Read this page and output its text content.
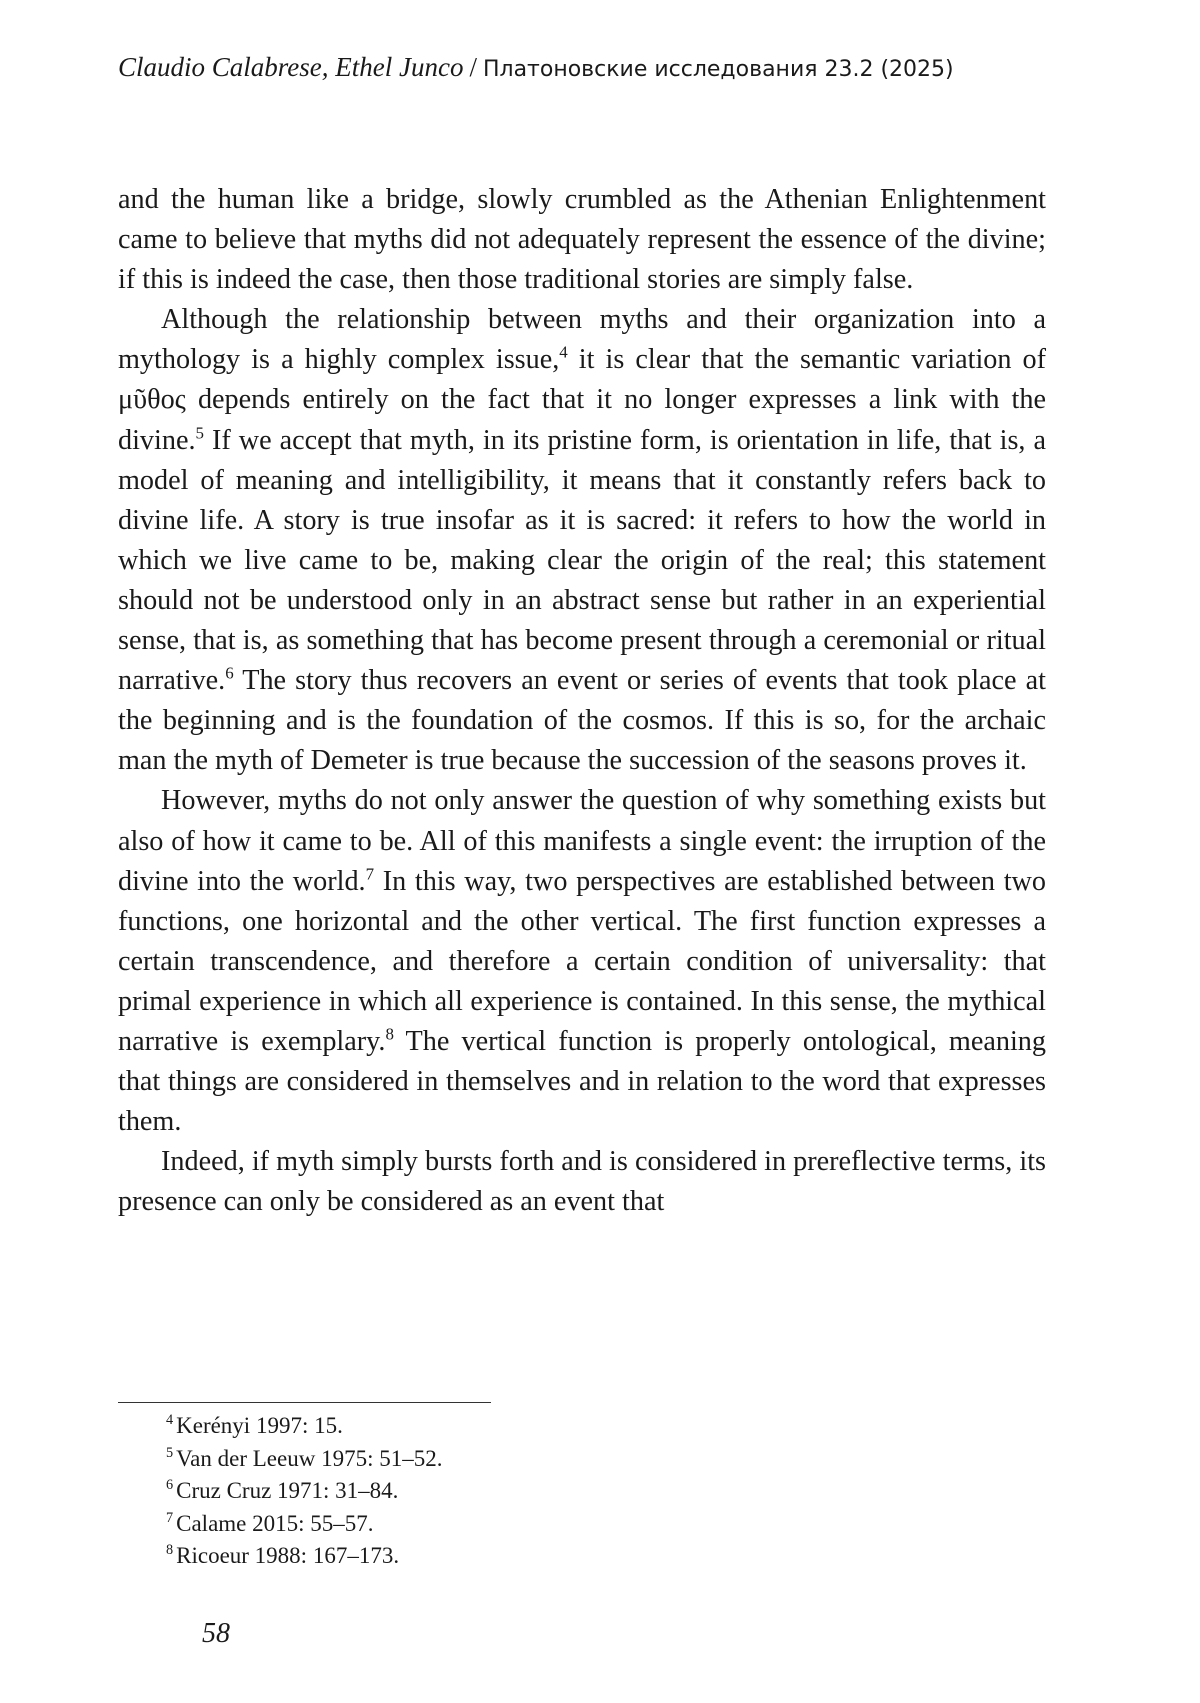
Claudio Calabrese, Ethel Junco / Платоновские исследования 23.2 (2025)

and the human like a bridge, slowly crumbled as the Athenian Enlightenment came to believe that myths did not adequately represent the essence of the divine; if this is indeed the case, then those traditional stories are simply false.

Although the relationship between myths and their organization into a mythology is a highly complex issue,$^4$ it is clear that the semantic variation of μῦθος depends entirely on the fact that it no longer expresses a link with the divine.$^5$ If we accept that myth, in its pristine form, is orientation in life, that is, a model of meaning and intelligibility, it means that it constantly refers back to divine life. A story is true insofar as it is sacred: it refers to how the world in which we live came to be, making clear the origin of the real; this statement should not be understood only in an abstract sense but rather in an experiential sense, that is, as something that has become present through a ceremonial or ritual narrative.$^6$ The story thus recovers an event or series of events that took place at the beginning and is the foundation of the cosmos. If this is so, for the archaic man the myth of Demeter is true because the succession of the seasons proves it.

However, myths do not only answer the question of why something exists but also of how it came to be. All of this manifests a single event: the irruption of the divine into the world.$^7$ In this way, two perspectives are established between two functions, one horizontal and the other vertical. The first function expresses a certain transcendence, and therefore a certain condition of universality: that primal experience in which all experience is contained. In this sense, the mythical narrative is exemplary.$^8$ The vertical function is properly ontological, meaning that things are considered in themselves and in relation to the word that expresses them.

Indeed, if myth simply bursts forth and is considered in prereflective terms, its presence can only be considered as an event that

$^4$ Kerényi 1997: 15.
$^5$ Van der Leeuw 1975: 51–52.
$^6$ Cruz Cruz 1971: 31–84.
$^7$ Calame 2015: 55–57.
$^8$ Ricoeur 1988: 167–173.
58
